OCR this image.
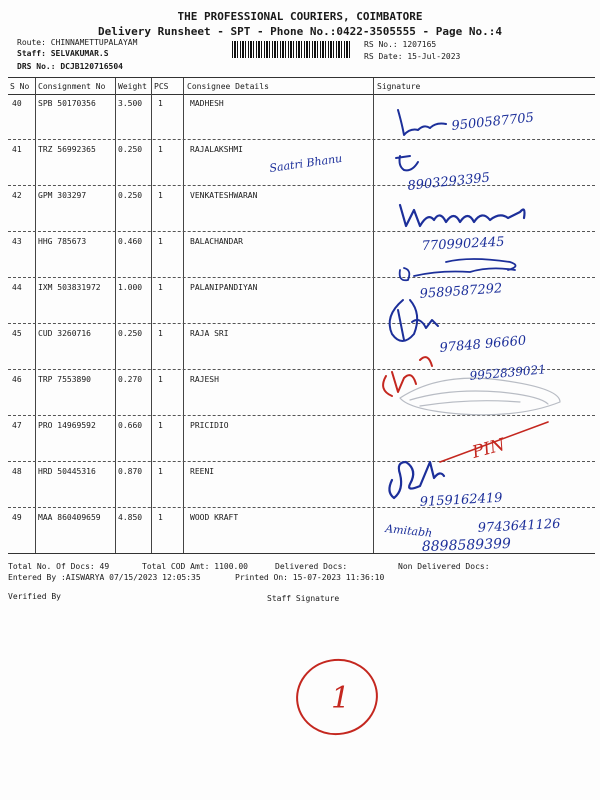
THE PROFESSIONAL COURIERS, COIMBATORE
Delivery Runsheet - SPT - Phone No.:0422-3505555 - Page No.:4
Route: CHINNAMETTUPALAYAM
Staff: SELVAKUMAR.S
DRS No.: DCJB120716504
RS No.: 1207165
RS Date: 15-Jul-2023
S No Consignment No Weight PCS Consignee Details	Signature
40 SPB 50170356	3.500 1	MADHESH
41 TRZ 56992365	0.250 1	RAJALAKSHMI
42 GPM 303297	0.250 1	VENKATESHWARAN
43 HHG 785673	0.460 1	BALACHANDAR
44 IXM 503831972 1.000 1	PALANIPANDIYAN
45 CUD 3260716	0.250 1	RAJA SRI
46 TRP 7553890	0.270 1	RAJESH
47 PRO 14969592	0.660 1	PRICIDIO
48 HRD 50445316	0.870 1	REENI
49 MAA 860409659 4.850 1	WOOD KRAFT
Total No. Of Docs: 49	Total COD Amt: 1100.00	Delivered Docs:	Non Delivered Docs:
Entered By :AISWARYA 07/15/2023 12:05:35	Printed On: 15-07-2023 11:36:10
Verified By	Staff Signature
9500587705
Saatri Bhanu
8903293395
7709902445
9589587292
97848 96660
9952839021
PIN
9159162419
Amitabh	9743641126
8898589399
1
